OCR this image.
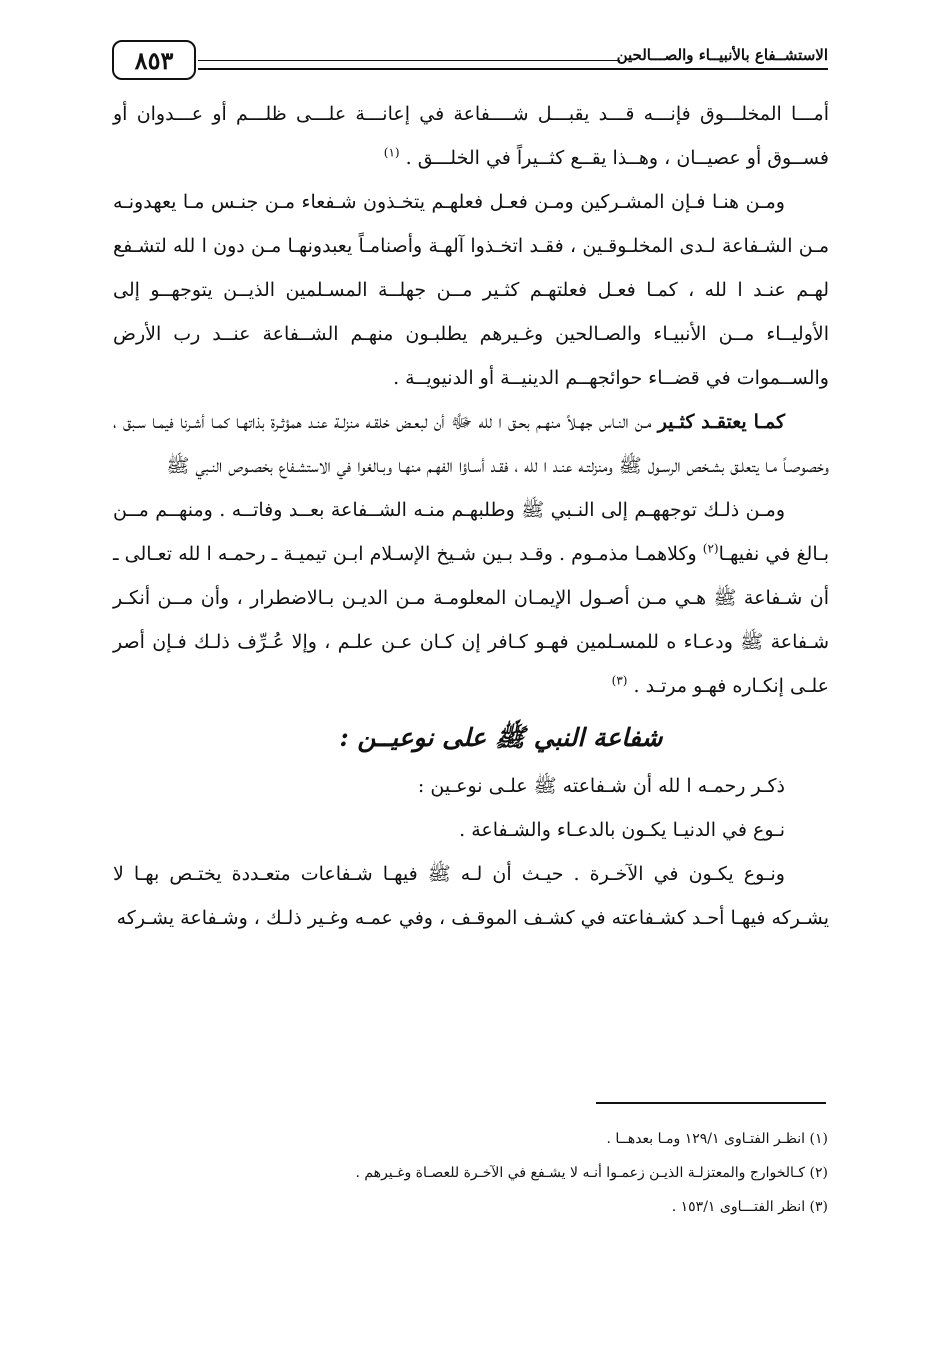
٨٥٣	الاستشــفاع بالأنبيــاء والصـــالحين

أمـــا المخلـــوق فإنـــه قـــد يقبـــل شــــفاعة في إعانـــة علـــى ظلـــم أو عـــدوان أو فســوق أو عصيــان ، وهــذا يقــع كثــيراً في الخلـــق . $^{(١)}$

ومـن هنـا فـإن المشـركين ومـن فعـل فعلهـم يتخـذون شـفعاء مـن جنـس مـا يعهدونـه مـن الشـفاعة لـدى المخلـوقـين ، فقـد اتخـذوا آلهـة وأصنامـاً يعبدونهـا مـن دون ا لله لتشـفع لهـم عنـد ا لله ، كمـا فعـل فعلتهـم كثـير مــن جهلــة المسـلمين الذيــن يتوجهــو إلى الأوليــاء مــن الأنبيـاء والصـالحين وغـيرهم يطلبـون منهـم الشــفاعة عنــد رب الأرض والســموات في قضــاء حوائجهــم الدينيــة أو الدنيويــة .

كمـا يعتقـد كثـير مـن النـاس جهـلاً منهـم بحـق ا لله ﷻ أن لبعـض خلقـه منزلـة عنـد همؤثـرة بذاتهـا كمـا أشـرنا فيمـا سـبق ، وخصوصـاً مـا يتعلـق بشـخص الرسـول ﷺ ومنزلتـه عنـد ا لله ، فقـد أسـاؤا الفهـم منهـا وبـالغوا في الاستشـفاع بخصـوص النـبي ﷺ

ومـن ذلـك توجههـم إلى النـبي ﷺ وطلبهـم منـه الشــفاعة بعــد وفاتــه . ومنهــم مــن بـالغ في نفيهـا$^{(٢)}$ وكلاهمـا مذمـوم . وقـد بـين شـيخ الإسـلام ابـن تيميـة ـ رحمـه ا لله تعـالى ـ أن شـفاعة ﷺ هـي مـن أصـول الإيمـان المعلومـة مـن الديـن بـالاضطرار ، وأن مــن أنكـر شـفاعة ﷺ ودعـاء ه للمسـلمين فهـو كـافر إن كـان عـن علـم ، وإلا عُـرِّف ذلـك فـإن أصر علـى إنكـاره فهـو مرتـد . $^{(٣)}$

شفاعة النبي ﷺ على نوعيــن :

ذكـر رحمـه ا لله أن شـفاعته ﷺ علـى نوعـين :

نـوع في الدنيـا يكـون بالدعـاء والشـفاعة .

ونـوع يكـون في الآخـرة . حيـث أن لـه ﷺ فيهـا شـفاعات متعـددة يختـص بهـا لا يشـركه فيهـا أحـد كشـفاعته في كشـف الموقـف ، وفي عمـه وغـير ذلـك ، وشـفاعة يشـركه

(١) انظـر الفتـاوى ١٢٩/١ ومـا بعدهــا .

(٢) كـالخوارج والمعتزلـة الذيـن زعمـوا أنـه لا يشـفع في الآخـرة للعصـاة وغـيرهم .

(٣) انظر الفتـــاوى ١٥٣/١ .
